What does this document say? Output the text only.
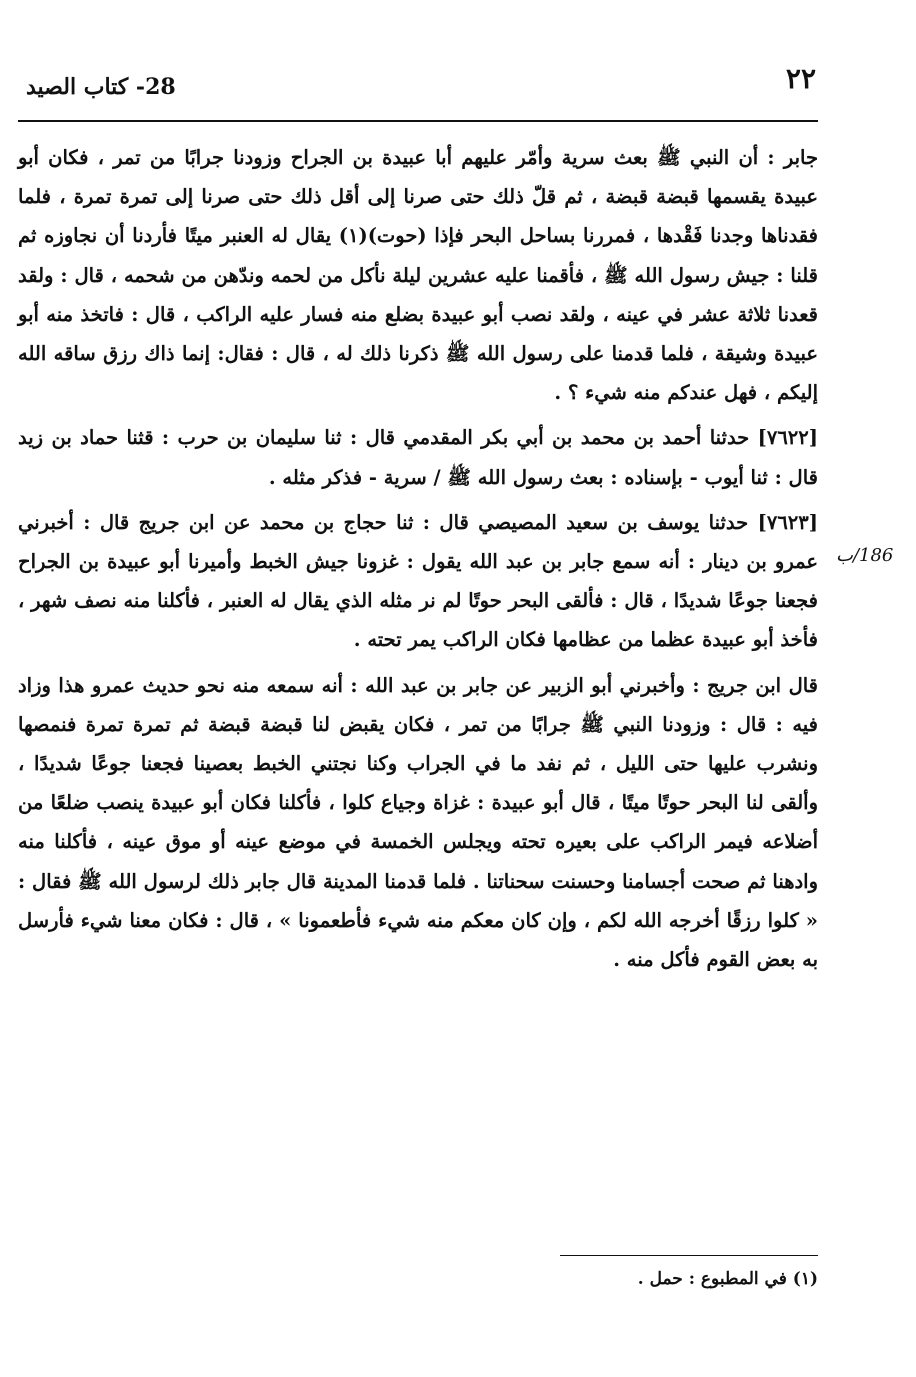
٢٢
28- كتاب الصيد
186/ب

جابر : أن النبي ﷺ بعث سرية وأمّر عليهم أبا عبيدة بن الجراح وزودنا جرابًا من تمر ، فكان أبو عبيدة يقسمها قبضة قبضة ، ثم قلّ ذلك حتى صرنا إلى أقل ذلك حتى صرنا إلى تمرة تمرة ، فلما فقدناها وجدنا فَقْدها ، فمررنا بساحل البحر فإذا (حوت)(١) يقال له العنبر ميتًا فأردنا أن نجاوزه ثم قلنا : جيش رسول الله ﷺ ، فأقمنا عليه عشرين ليلة نأكل من لحمه وندّهن من شحمه ، قال : ولقد قعدنا ثلاثة عشر في عينه ، ولقد نصب أبو عبيدة بضلع منه فسار عليه الراكب ، قال : فاتخذ منه أبو عبيدة وشيقة ، فلما قدمنا على رسول الله ﷺ ذكرنا ذلك له ، قال : فقال: إنما ذاك رزق ساقه الله إليكم ، فهل عندكم منه شيء ؟ .

[٧٦٢٢] حدثنا أحمد بن محمد بن أبي بكر المقدمي قال : ثنا سليمان بن حرب : قثنا حماد بن زيد قال : ثنا أيوب - بإسناده : بعث رسول الله ﷺ / سرية - فذكر مثله .

[٧٦٢٣] حدثنا يوسف بن سعيد المصيصي قال : ثنا حجاج بن محمد عن ابن جريج قال : أخبرني عمرو بن دينار : أنه سمع جابر بن عبد الله يقول : غزونا جيش الخبط وأميرنا أبو عبيدة بن الجراح فجعنا جوعًا شديدًا ، قال : فألقى البحر حوتًا لم نر مثله الذي يقال له العنبر ، فأكلنا منه نصف شهر ، فأخذ أبو عبيدة عظما من عظامها فكان الراكب يمر تحته .

قال ابن جريج : وأخبرني أبو الزبير عن جابر بن عبد الله : أنه سمعه منه نحو حديث عمرو هذا وزاد فيه : قال : وزودنا النبي ﷺ جرابًا من تمر ، فكان يقبض لنا قبضة قبضة ثم تمرة تمرة فنمصها ونشرب عليها حتى الليل ، ثم نفد ما في الجراب وكنا نجتني الخبط بعصينا فجعنا جوعًا شديدًا ، وألقى لنا البحر حوتًا ميتًا ، قال أبو عبيدة : غزاة وجياع كلوا ، فأكلنا فكان أبو عبيدة ينصب ضلعًا من أضلاعه فيمر الراكب على بعيره تحته ويجلس الخمسة في موضع عينه أو موق عينه ، فأكلنا منه وادهنا ثم صحت أجسامنا وحسنت سحناتنا . فلما قدمنا المدينة قال جابر ذلك لرسول الله ﷺ فقال : « كلوا رزقًا أخرجه الله لكم ، وإن كان معكم منه شيء فأطعمونا » ، قال : فكان معنا شيء فأرسل به بعض القوم فأكل منه .

(١) في المطبوع : حمل .
